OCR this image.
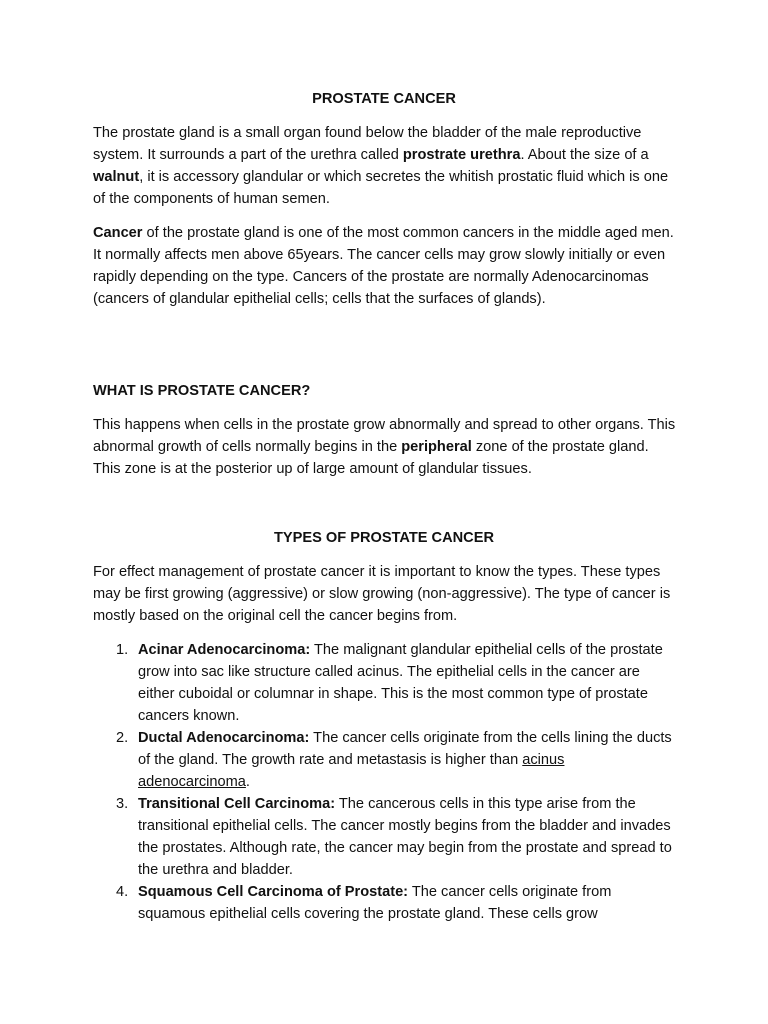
PROSTATE CANCER

The prostate gland is a small organ found below the bladder of the male reproductive system. It surrounds a part of the urethra called prostrate urethra. About the size of a walnut, it is accessory glandular or which secretes the whitish prostatic fluid which is one of the components of human semen.

Cancer of the prostate gland is one of the most common cancers in the middle aged men. It normally affects men above 65years. The cancer cells may grow slowly initially or even rapidly depending on the type. Cancers of the prostate are normally Adenocarcinomas (cancers of glandular epithelial cells; cells that the surfaces of glands).

WHAT IS PROSTATE CANCER?

This happens when cells in the prostate grow abnormally and spread to other organs. This abnormal growth of cells normally begins in the peripheral zone of the prostate gland. This zone is at the posterior up of large amount of glandular tissues.

TYPES OF PROSTATE CANCER

For effect management of prostate cancer it is important to know the types. These types may be first growing (aggressive) or slow growing (non-aggressive). The type of cancer is mostly based on the original cell the cancer begins from.

1. Acinar Adenocarcinoma: The malignant glandular epithelial cells of the prostate grow into sac like structure called acinus. The epithelial cells in the cancer are either cuboidal or columnar in shape. This is the most common type of prostate cancers known.
2. Ductal Adenocarcinoma: The cancer cells originate from the cells lining the ducts of the gland. The growth rate and metastasis is higher than acinus adenocarcinoma.
3. Transitional Cell Carcinoma: The cancerous cells in this type arise from the transitional epithelial cells. The cancer mostly begins from the bladder and invades the prostates. Although rate, the cancer may begin from the prostate and spread to the urethra and bladder.
4. Squamous Cell Carcinoma of Prostate: The cancer cells originate from squamous epithelial cells covering the prostate gland. These cells grow
